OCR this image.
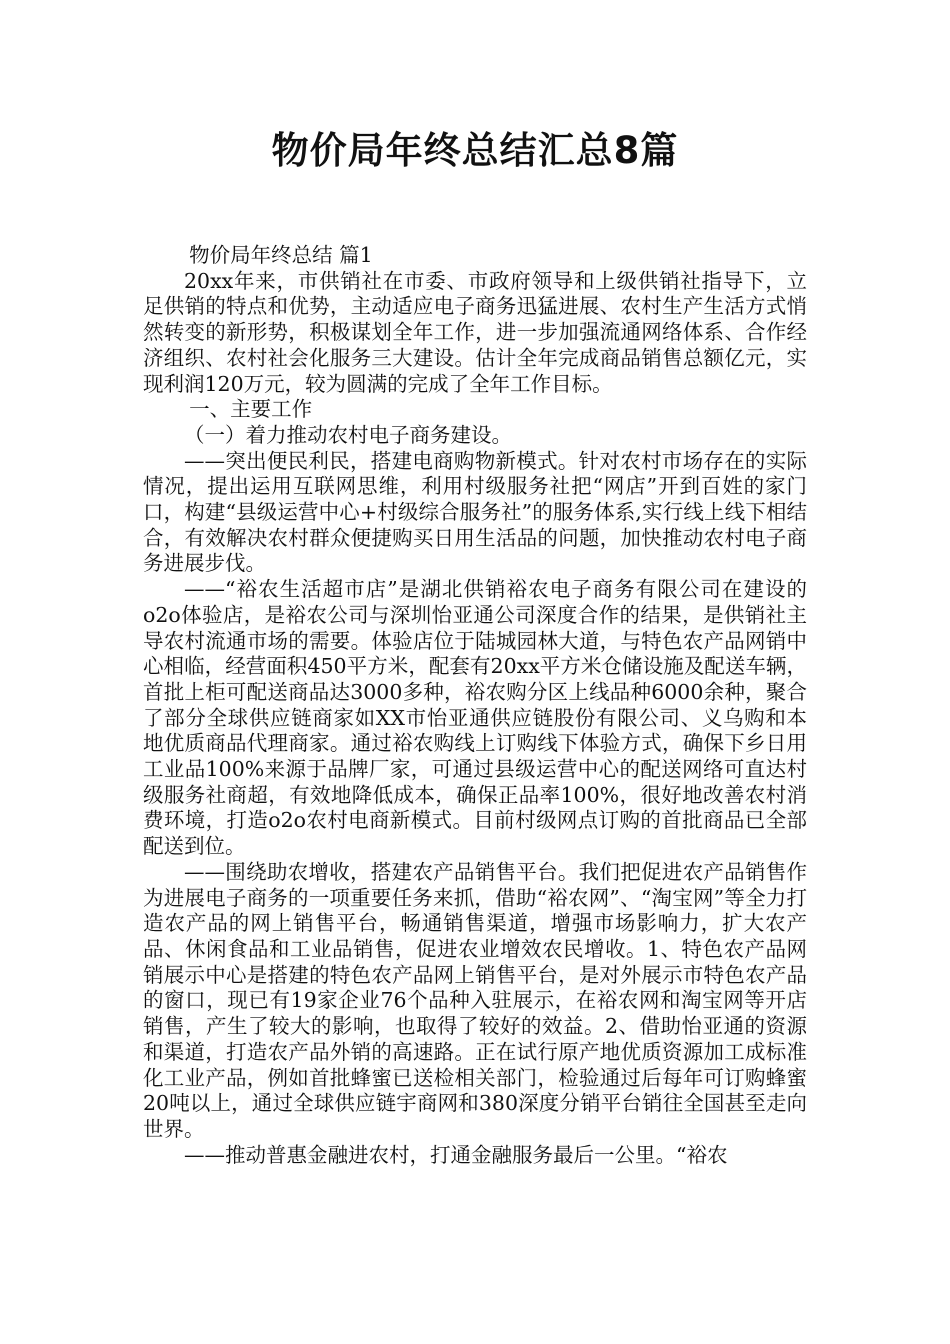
物价局年终总结汇总8篇

物价局年终总结 篇1

20xx年来，市供销社在市委、市政府领导和上级供销社指导下，立足供销的特点和优势，主动适应电子商务迅猛进展、农村生产生活方式悄然转变的新形势，积极谋划全年工作，进一步加强流通网络体系、合作经济组织、农村社会化服务三大建设。估计全年完成商品销售总额亿元，实现利润120万元，较为圆满的完成了全年工作目标。

一、主要工作

（一）着力推动农村电子商务建设。

——突出便民利民，搭建电商购物新模式。针对农村市场存在的实际情况，提出运用互联网思维，利用村级服务社把“网店”开到百姓的家门口，构建“县级运营中心+村级综合服务社”的服务体系,实行线上线下相结合，有效解决农村群众便捷购买日用生活品的问题，加快推动农村电子商务进展步伐。

——“裕农生活超市店”是湖北供销裕农电子商务有限公司在建设的o2o体验店，是裕农公司与深圳怡亚通公司深度合作的结果，是供销社主导农村流通市场的需要。体验店位于陆城园林大道，与特色农产品网销中心相临，经营面积450平方米，配套有20xx平方米仓储设施及配送车辆，首批上柜可配送商品达3000多种，裕农购分区上线品种6000余种，聚合了部分全球供应链商家如XX市怡亚通供应链股份有限公司、义乌购和本地优质商品代理商家。通过裕农购线上订购线下体验方式，确保下乡日用工业品100%来源于品牌厂家，可通过县级运营中心的配送网络可直达村级服务社商超，有效地降低成本，确保正品率100%，很好地改善农村消费环境，打造o2o农村电商新模式。目前村级网点订购的首批商品已全部配送到位。

——围绕助农增收，搭建农产品销售平台。我们把促进农产品销售作为进展电子商务的一项重要任务来抓，借助“裕农网”、“淘宝网”等全力打造农产品的网上销售平台，畅通销售渠道，增强市场影响力，扩大农产品、休闲食品和工业品销售，促进农业增效农民增收。1、特色农产品网销展示中心是搭建的特色农产品网上销售平台，是对外展示市特色农产品的窗口，现已有19家企业76个品种入驻展示，在裕农网和淘宝网等开店销售，产生了较大的影响，也取得了较好的效益。2、借助怡亚通的资源和渠道，打造农产品外销的高速路。正在试行原产地优质资源加工成标准化工业产品，例如首批蜂蜜已送检相关部门，检验通过后每年可订购蜂蜜20吨以上，通过全球供应链宇商网和380深度分销平台销往全国甚至走向世界。

——推动普惠金融进农村，打通金融服务最后一公里。“裕农
